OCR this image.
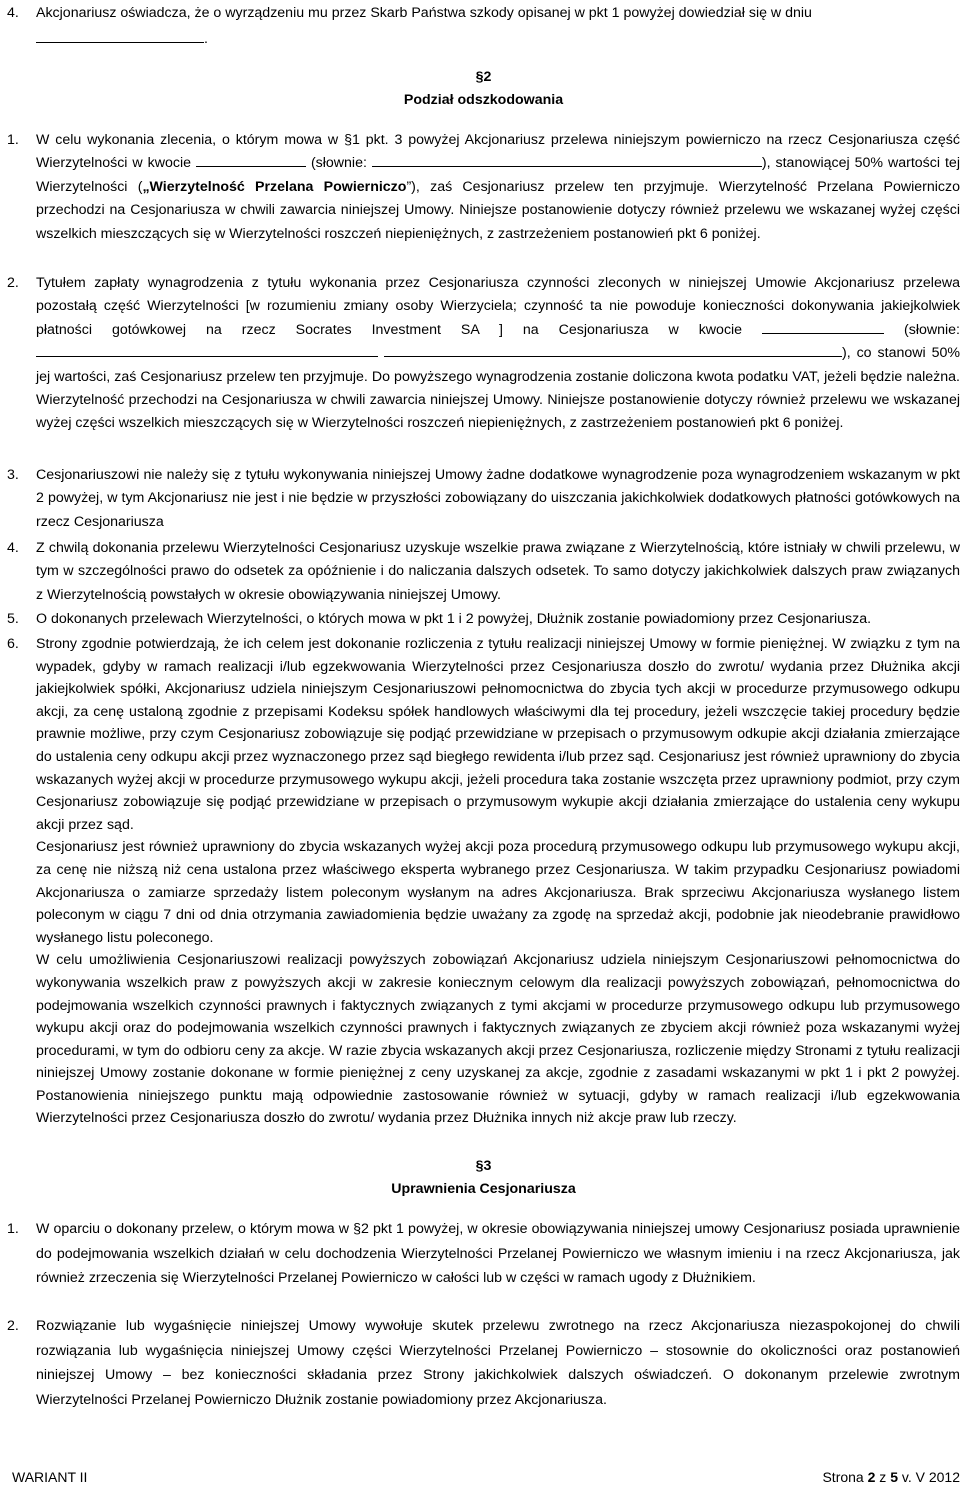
4. Akcjonariusz oświadcza, że o wyrządzeniu mu przez Skarb Państwa szkody opisanej w pkt 1 powyżej dowiedział się w dniu
.
§2
Podział odszkodowania
1. W celu wykonania zlecenia, o którym mowa w §1 pkt. 3 powyżej Akcjonariusz przelewa niniejszym powierniczo na rzecz Cesjonariusza część Wierzytelności w kwocie	(słownie:	), stanowiącej 50% wartości tej Wierzytelności („Wierzytelność Przelana Powierniczo”), zaś Cesjonariusz przelew ten przyjmuje. Wierzytelność Przelana Powierniczo przechodzi na Cesjonariusza w chwili zawarcia niniejszej Umowy. Niniejsze postanowienie dotyczy również przelewu we wskazanej wyżej części wszelkich mieszczących się w Wierzytelności roszczeń niepieniężnych, z zastrzeżeniem postanowień pkt 6 poniżej.
2. Tytułem zapłaty wynagrodzenia z tytułu wykonania przez Cesjonariusza czynności zleconych w niniejszej Umowie Akcjonariusz przelewa pozostałą część Wierzytelności [w rozumieniu zmiany osoby Wierzyciela; czynność ta nie powoduje konieczności dokonywania jakiejkolwiek płatności gotówkowej na rzecz Socrates Investment SA ] na Cesjonariusza w kwocie	(słownie:  ), co stanowi 50% jej wartości, zaś Cesjonariusz przelew ten przyjmuje. Do powyższego wynagrodzenia zostanie doliczona kwota podatku VAT, jeżeli będzie należna. Wierzytelność przechodzi na Cesjonariusza w chwili zawarcia niniejszej Umowy. Niniejsze postanowienie dotyczy również przelewu we wskazanej wyżej części wszelkich mieszczących się w Wierzytelności roszczeń niepieniężnych, z zastrzeżeniem postanowień pkt 6 poniżej.
3. Cesjonariuszowi nie należy się z tytułu wykonywania niniejszej Umowy żadne dodatkowe wynagrodzenie poza wynagrodzeniem wskazanym w pkt 2 powyżej, w tym Akcjonariusz nie jest i nie będzie w przyszłości zobowiązany do uiszczania jakichkolwiek dodatkowych płatności gotówkowych na rzecz Cesjonariusza
4. Z chwilą dokonania przelewu Wierzytelności Cesjonariusz uzyskuje wszelkie prawa związane z Wierzytelnością, które istniały w chwili przelewu, w tym w szczególności prawo do odsetek za opóźnienie i do naliczania dalszych odsetek. To samo dotyczy jakichkolwiek dalszych praw związanych z Wierzytelnością powstałych w okresie obowiązywania niniejszej Umowy.
5. O dokonanych przelewach Wierzytelności, o których mowa w pkt 1 i 2 powyżej, Dłużnik zostanie powiadomiony przez Cesjonariusza.
6. Strony zgodnie potwierdzają, że ich celem jest dokonanie rozliczenia z tytułu realizacji niniejszej Umowy w formie pieniężnej. W związku z tym na wypadek, gdyby w ramach realizacji i/lub egzekwowania Wierzytelności przez Cesjonariusza doszło do zwrotu/ wydania przez Dłużnika akcji jakiejkolwiek spółki, Akcjonariusz udziela niniejszym Cesjonariuszowi pełnomocnictwa do zbycia tych akcji w procedurze przymusowego odkupu akcji, za cenę ustaloną zgodnie z przepisami Kodeksu spółek handlowych właściwymi dla tej procedury, jeżeli wszczęcie takiej procedury będzie prawnie możliwe, przy czym Cesjonariusz zobowiązuje się podjąć przewidziane w przepisach o przymusowym odkupie akcji działania zmierzające do ustalenia ceny odkupu akcji przez wyznaczonego przez sąd biegłego rewidenta i/lub przez sąd. Cesjonariusz jest również uprawniony do zbycia wskazanych wyżej akcji w procedurze przymusowego wykupu akcji, jeżeli procedura taka zostanie wszczęta przez uprawniony podmiot, przy czym Cesjonariusz zobowiązuje się podjąć przewidziane w przepisach o przymusowym wykupie akcji działania zmierzające do ustalenia ceny wykupu akcji przez sąd.
Cesjonariusz jest również uprawniony do zbycia wskazanych wyżej akcji poza procedurą przymusowego odkupu lub przymusowego wykupu akcji, za cenę nie niższą niż cena ustalona przez właściwego eksperta wybranego przez Cesjonariusza. W takim przypadku Cesjonariusz powiadomi Akcjonariusza o zamiarze sprzedaży listem poleconym wysłanym na adres Akcjonariusza. Brak sprzeciwu Akcjonariusza wysłanego listem poleconym w ciągu 7 dni od dnia otrzymania zawiadomienia będzie uważany za zgodę na sprzedaż akcji, podobnie jak nieodebranie prawidłowo wysłanego listu poleconego.
W celu umożliwienia Cesjonariuszowi realizacji powyższych zobowiązań Akcjonariusz udziela niniejszym Cesjonariuszowi pełnomocnictwa do wykonywania wszelkich praw z powyższych akcji w zakresie koniecznym celowym dla realizacji powyższych zobowiązań, pełnomocnictwa do podejmowania wszelkich czynności prawnych i faktycznych związanych z tymi akcjami w procedurze przymusowego odkupu lub przymusowego wykupu akcji oraz do podejmowania wszelkich czynności prawnych i faktycznych związanych ze zbyciem akcji również poza wskazanymi wyżej procedurami, w tym do odbioru ceny za akcje. W razie zbycia wskazanych akcji przez Cesjonariusza, rozliczenie między Stronami z tytułu realizacji niniejszej Umowy zostanie dokonane w formie pieniężnej z ceny uzyskanej za akcje, zgodnie z zasadami wskazanymi w pkt 1 i pkt 2 powyżej. Postanowienia niniejszego punktu mają odpowiednie zastosowanie również w sytuacji, gdyby w ramach realizacji i/lub egzekwowania Wierzytelności przez Cesjonariusza doszło do zwrotu/ wydania przez Dłużnika innych niż akcje praw lub rzeczy.
§3
Uprawnienia Cesjonariusza
1. W oparciu o dokonany przelew, o którym mowa w §2 pkt 1 powyżej, w okresie obowiązywania niniejszej umowy Cesjonariusz posiada uprawnienie do podejmowania wszelkich działań w celu dochodzenia Wierzytelności Przelanej Powierniczo we własnym imieniu i na rzecz Akcjonariusza, jak również zrzeczenia się Wierzytelności Przelanej Powierniczo w całości lub w części w ramach ugody z Dłużnikiem.
2. Rozwiązanie lub wygaśnięcie niniejszej Umowy wywołuje skutek przelewu zwrotnego na rzecz Akcjonariusza niezaspokojonej do chwili rozwiązania lub wygaśnięcia niniejszej Umowy części Wierzytelności Przelanej Powierniczo – stosownie do okoliczności oraz postanowień niniejszej Umowy – bez konieczności składania przez Strony jakichkolwiek dalszych oświadczeń. O dokonanym przelewie zwrotnym Wierzytelności Przelanej Powierniczo Dłużnik zostanie powiadomiony przez Akcjonariusza.
WARIANT II	Strona 2 z 5 v. V 2012
